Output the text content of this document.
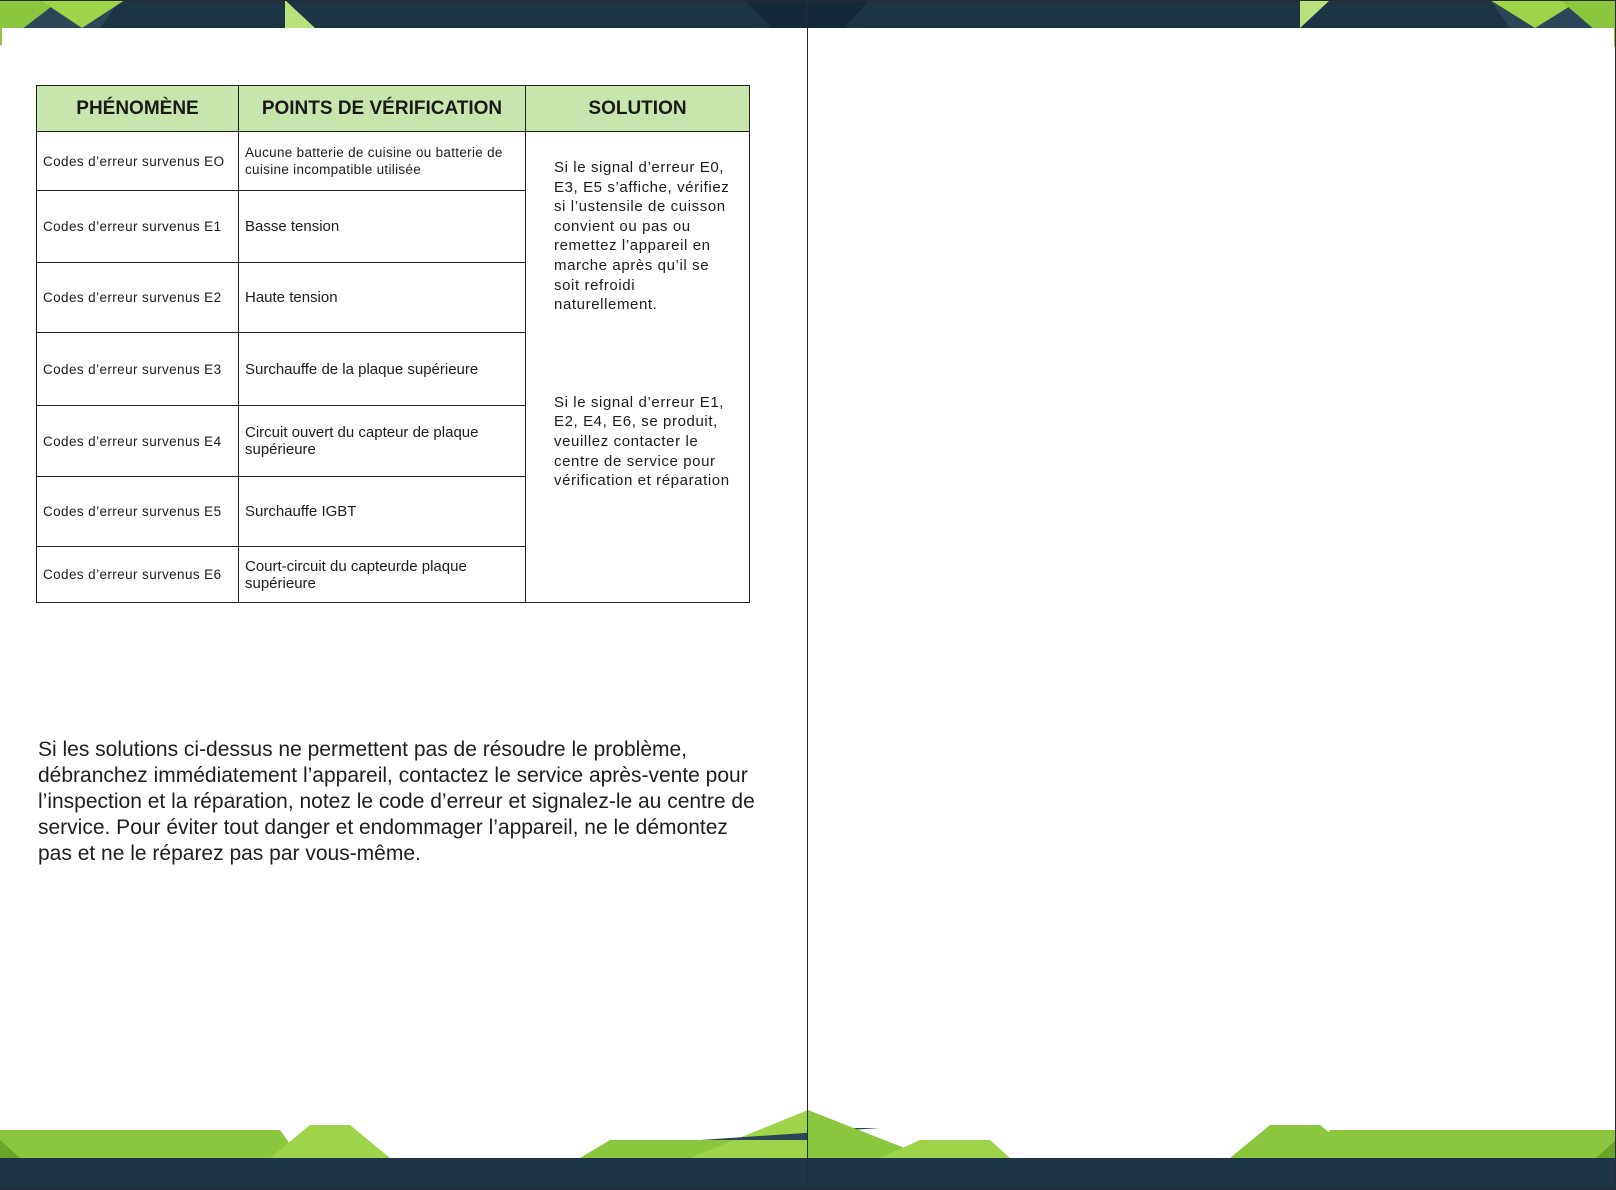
PHÉNOMÈNE	POINTS DE VÉRIFICATION	SOLUTION
Codes d’erreur survenus EO	Aucune batterie de cuisine ou batterie de cuisine incompatible utilisée	Si le signal d’erreur E0, E3, E5 s’affiche, vérifiez si l’ustensile de cuisson convient ou pas ou remettez l’appareil en marche après qu’il se soit refroidi naturellement.
Si le signal d’erreur E1, E2, E4, E6, se produit, veuillez contacter le centre de service pour vérification et réparation

Codes d’erreur survenus E1	Basse tension	
Codes d’erreur survenus E2	Haute tension	
Codes d’erreur survenus E3	Surchauffe de la plaque supérieure	
Codes d’erreur survenus E4	Circuit ouvert du capteur de plaque supérieure	
Codes d’erreur survenus E5	Surchauffe IGBT	
Codes d’erreur survenus E6	Court-circuit du capteurde plaque supérieure	

Si les solutions ci-dessus ne permettent pas de résoudre le problème, débranchez immédiatement l’appareil, contactez le service après-vente pour l’inspection et la réparation, notez le code d’erreur et signalez-le au centre de service. Pour éviter tout danger et endommager l’appareil, ne le démontez pas et ne le réparez pas par vous-même.
